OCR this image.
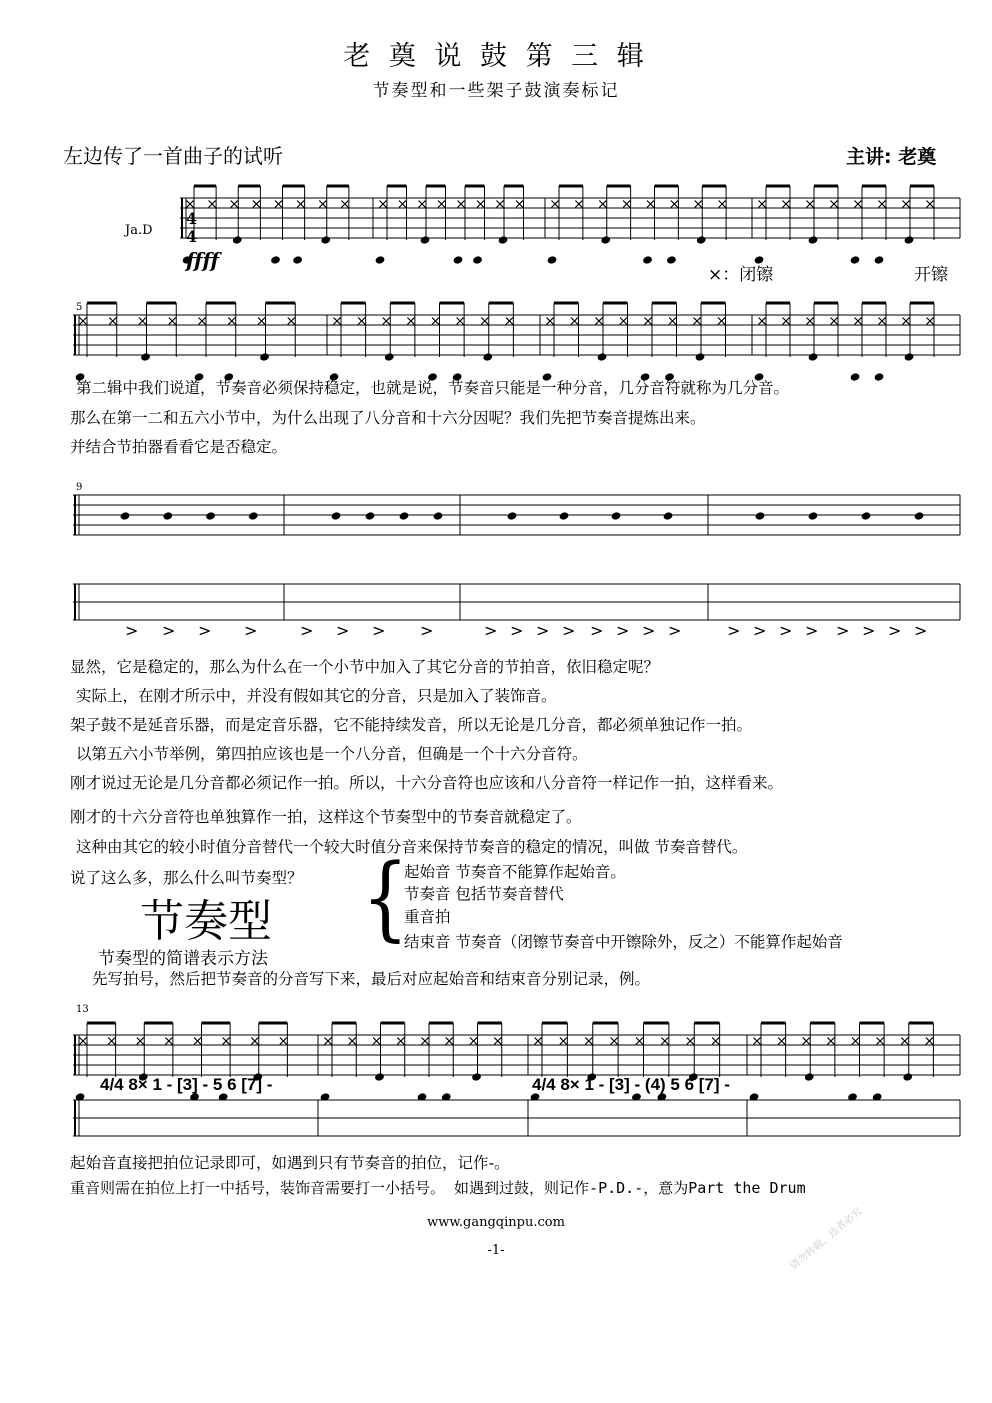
老 奠 说 鼓 第 三 辑
节奏型和一些架子鼓演奏标记
左边传了一首曲子的试听	主讲: 老奠
> > > >	> > > >	> > > > > > > >	> > > > > > > >
Ja.D
4
4
ffff
5
9
13
×：闭镲	开镲
第二辑中我们说道，节奏音必须保持稳定，也就是说，节奏音只能是一种分音，几分音符就称为几分音。
那么在第一二和五六小节中，为什么出现了八分音和十六分因呢？我们先把节奏音提炼出来。
并结合节拍器看看它是否稳定。
显然，它是稳定的，那么为什么在一个小节中加入了其它分音的节拍音，依旧稳定呢？
实际上，在刚才所示中，并没有假如其它的分音，只是加入了装饰音。
架子鼓不是延音乐器，而是定音乐器，它不能持续发音，所以无论是几分音，都必须单独记作一拍。
以第五六小节举例，第四拍应该也是一个八分音，但确是一个十六分音符。
刚才说过无论是几分音都必须记作一拍。所以，十六分音符也应该和八分音符一样记作一拍，这样看来。
刚才的十六分音符也单独算作一拍，这样这个节奏型中的节奏音就稳定了。
这种由其它的较小时值分音替代一个较大时值分音来保持节奏音的稳定的情况，叫做 节奏音替代。
说了这么多，那么什么叫节奏型？
节奏型 {
起始音 节奏音不能算作起始音。
节奏音 包括节奏音替代
重音拍
结束音 节奏音（闭镲节奏音中开镲除外，反之）不能算作起始音
节奏型的简谱表示方法
先写拍号，然后把节奏音的分音写下来，最后对应起始音和结束音分别记录，例。
4/4 8× 1 - [3] - 5 6 [7] -	4/4 8× 1 - [3] - (4) 5 6 [7] -
起始音直接把拍位记录即可，如遇到只有节奏音的拍位，记作-。
重音则需在拍位上打一中括号，装饰音需要打一小括号。 如遇到过鼓，则记作-P.D.-，意为Part the Drum
www.gangqinpu.com
-1-	请勿转载，违者必究
